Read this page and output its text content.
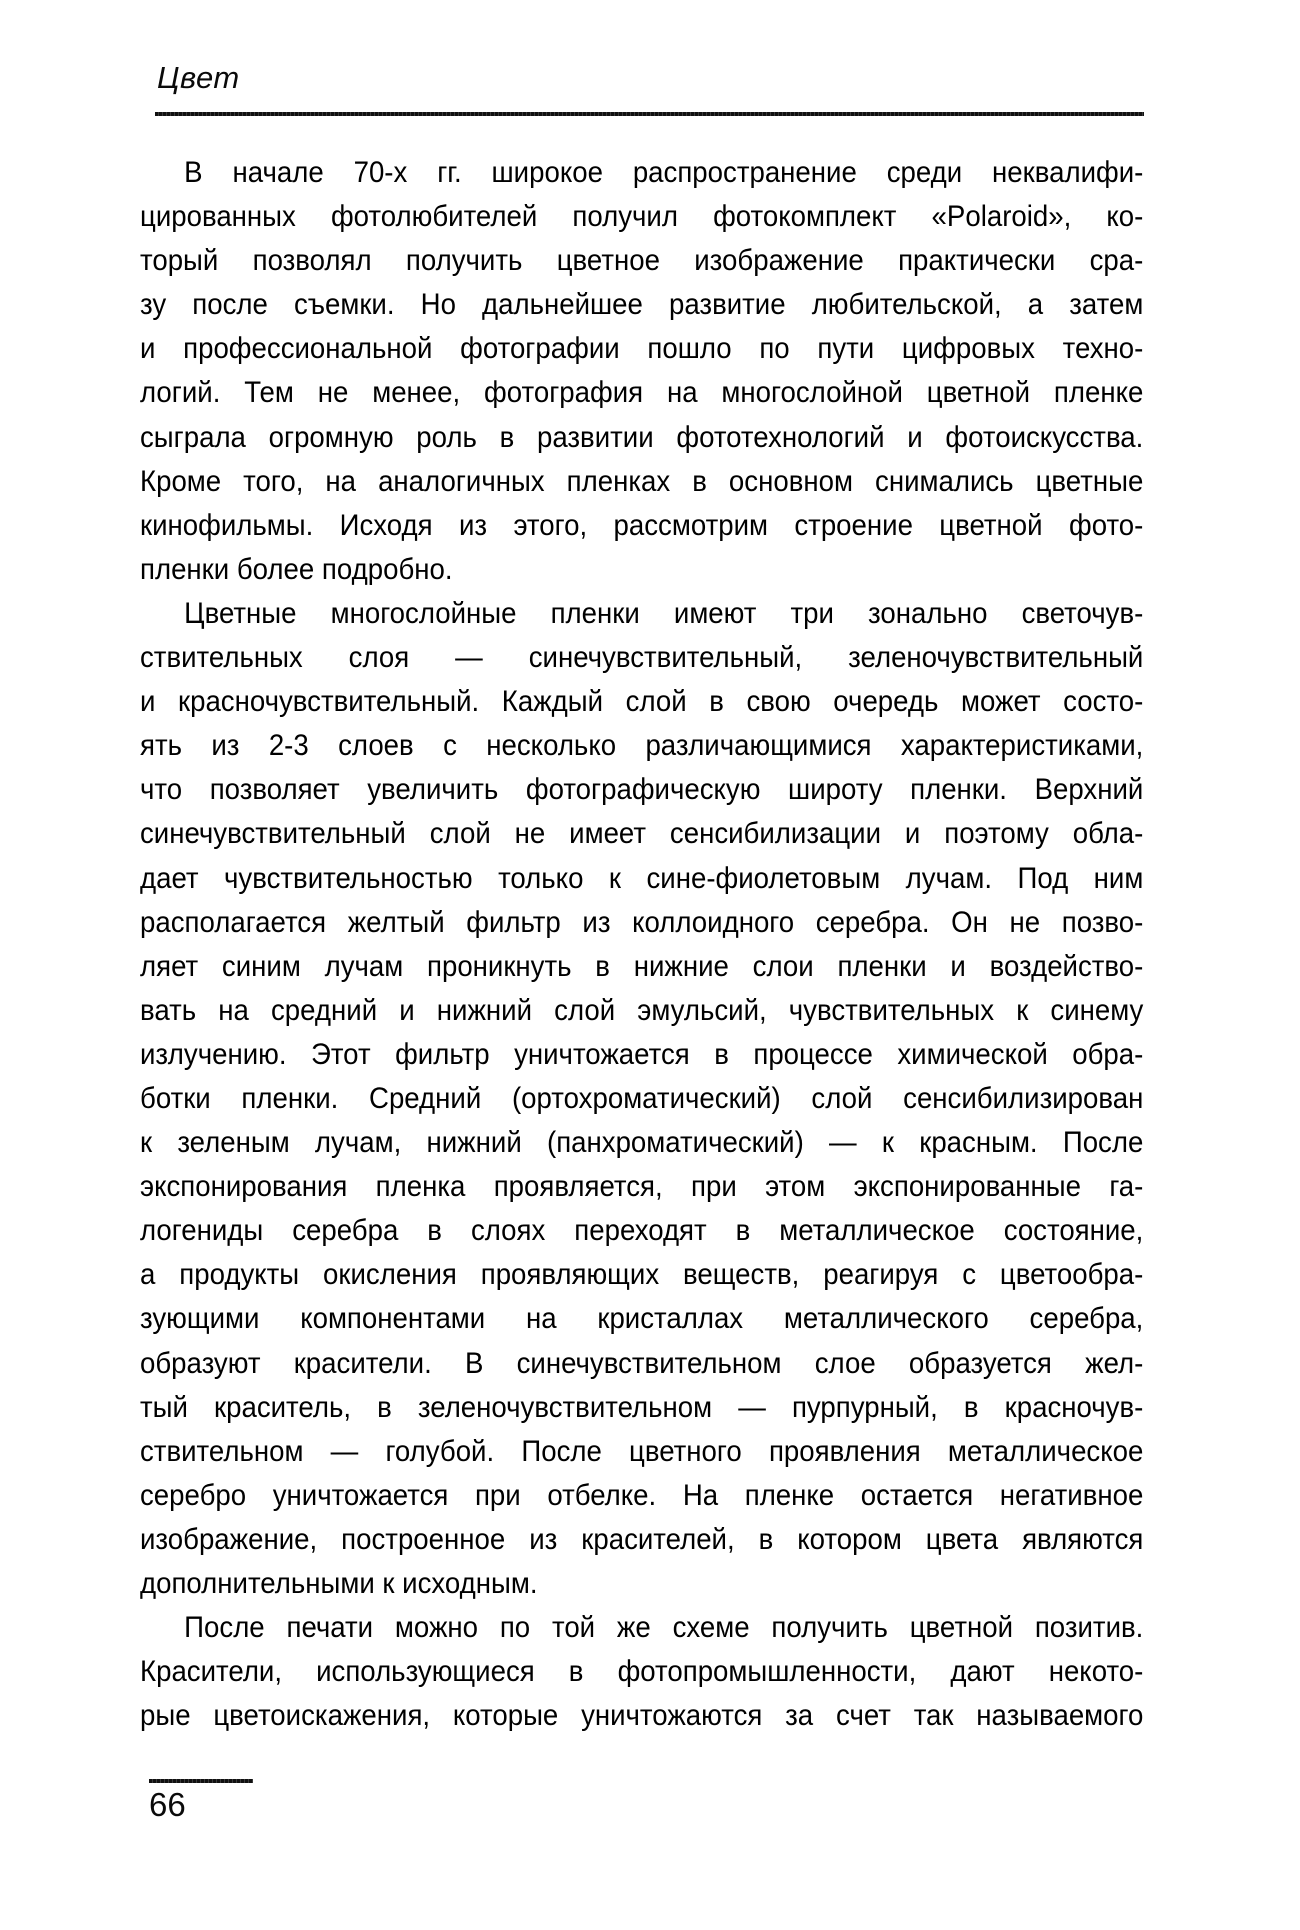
Цвет
В начале 70-х гг. широкое распространение среди неквалифи-
цированных фотолюбителей получил фотокомплект «Polaroid», ко-
торый позволял получить цветное изображение практически сра-
зу после съемки. Но дальнейшее развитие любительской, а затем
и профессиональной фотографии пошло по пути цифровых техно-
логий. Тем не менее, фотография на многослойной цветной пленке
сыграла огромную роль в развитии фототехнологий и фотоискусства.
Кроме того, на аналогичных пленках в основном снимались цветные
кинофильмы. Исходя из этого, рассмотрим строение цветной фото-
пленки более подробно.
Цветные многослойные пленки имеют три зонально светочув-
ствительных слоя — синечувствительный, зеленочувствительный
и красночувствительный. Каждый слой в свою очередь может состо-
ять из 2-3 слоев с несколько различающимися характеристиками,
что позволяет увеличить фотографическую широту пленки. Верхний
синечувствительный слой не имеет сенсибилизации и поэтому обла-
дает чувствительностью только к сине-фиолетовым лучам. Под ним
располагается желтый фильтр из коллоидного серебра. Он не позво-
ляет синим лучам проникнуть в нижние слои пленки и воздейство-
вать на средний и нижний слой эмульсий, чувствительных к синему
излучению. Этот фильтр уничтожается в процессе химической обра-
ботки пленки. Средний (ортохроматический) слой сенсибилизирован
к зеленым лучам, нижний (панхроматический) — к красным. После
экспонирования пленка проявляется, при этом экспонированные га-
логениды серебра в слоях переходят в металлическое состояние,
а продукты окисления проявляющих веществ, реагируя с цветообра-
зующими компонентами на кристаллах металлического серебра,
образуют красители. В синечувствительном слое образуется жел-
тый краситель, в зеленочувствительном — пурпурный, в красночув-
ствительном — голубой. После цветного проявления металлическое
серебро уничтожается при отбелке. На пленке остается негативное
изображение, построенное из красителей, в котором цвета являются
дополнительными к исходным.
После печати можно по той же схеме получить цветной позитив.
Красители, использующиеся в фотопромышленности, дают некото-
рые цветоискажения, которые уничтожаются за счет так называемого
66
